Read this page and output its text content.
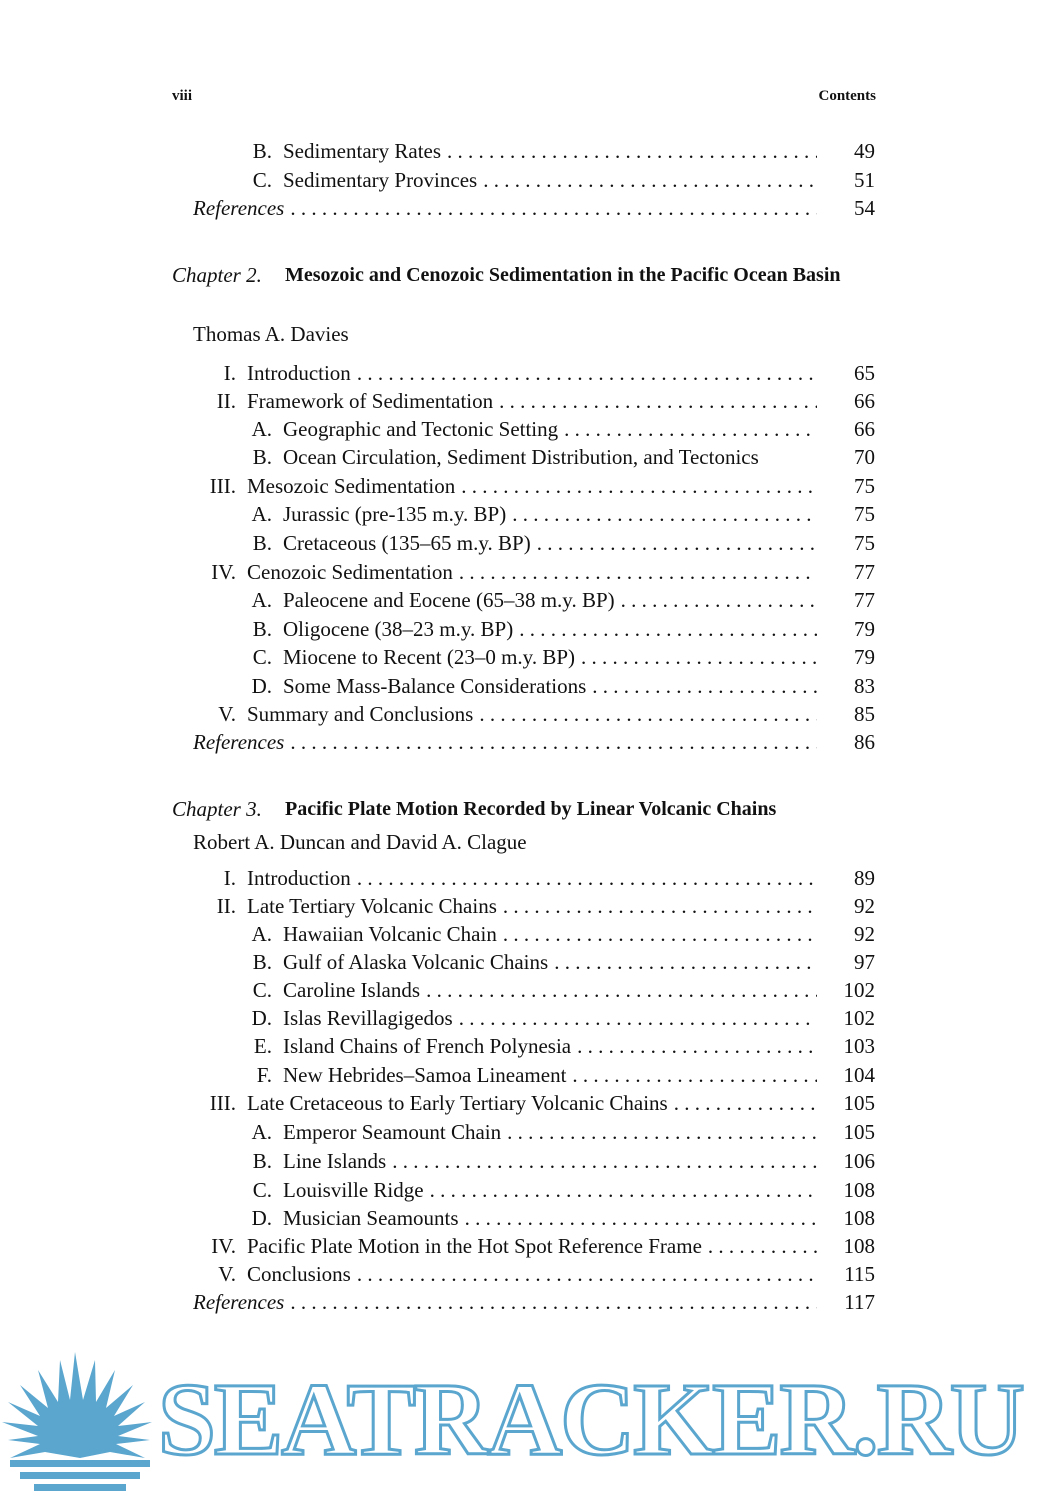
viii	Contents
B. Sedimentary Rates . . .	49
C. Sedimentary Provinces . . .	51
References . . .	54
Chapter 2. Mesozoic and Cenozoic Sedimentation in the Pacific Ocean Basin
Thomas A. Davies
I. Introduction . . .	65
II. Framework of Sedimentation . . .	66
A. Geographic and Tectonic Setting . . .	66
B. Ocean Circulation, Sediment Distribution, and Tectonics	70
III. Mesozoic Sedimentation . . .	75
A. Jurassic (pre-135 m.y. BP) . . .	75
B. Cretaceous (135–65 m.y. BP) . . .	75
IV. Cenozoic Sedimentation . . .	77
A. Paleocene and Eocene (65–38 m.y. BP) . . .	77
B. Oligocene (38–23 m.y. BP) . . .	79
C. Miocene to Recent (23–0 m.y. BP) . . .	79
D. Some Mass-Balance Considerations . . .	83
V. Summary and Conclusions . . .	85
References . . .	86
Chapter 3. Pacific Plate Motion Recorded by Linear Volcanic Chains
Robert A. Duncan and David A. Clague
I. Introduction . . .	89
II. Late Tertiary Volcanic Chains . . .	92
A. Hawaiian Volcanic Chain . . .	92
B. Gulf of Alaska Volcanic Chains . . .	97
C. Caroline Islands . . .	102
D. Islas Revillagigedos . . .	102
E. Island Chains of French Polynesia . . .	103
F. New Hebrides–Samoa Lineament . . .	104
III. Late Cretaceous to Early Tertiary Volcanic Chains . . .	105
A. Emperor Seamount Chain . . .	105
B. Line Islands . . .	106
C. Louisville Ridge . . .	108
D. Musician Seamounts . . .	108
IV. Pacific Plate Motion in the Hot Spot Reference Frame . . .	108
V. Conclusions . . .	115
References . . .	117
SEATRACKER.RU
